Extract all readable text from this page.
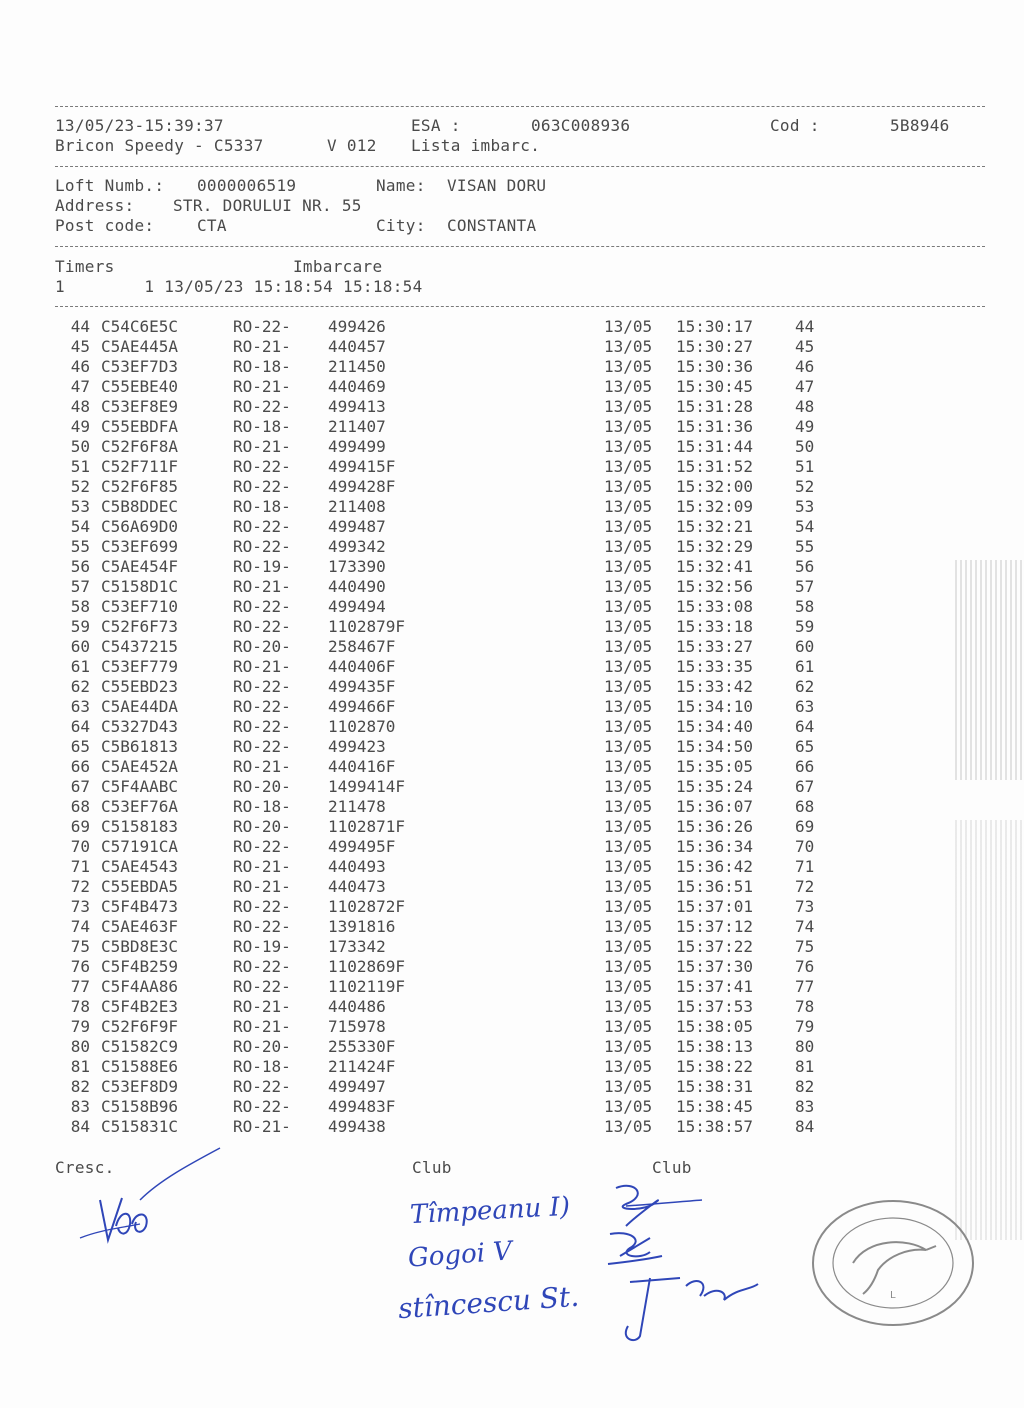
13/05/23-15:39:37	ESA :	063C008936	Cod :	5B8946
Bricon Speedy - C5337	V 012 Lista imbarc.
Loft Numb.: 0000006519	Name: VISAN DORU
Address: STR. DORULUI NR. 55
Post code:	CTA	City: CONSTANTA
Timers	Imbarcare
1        1 13/05/23 15:18:54 15:18:54
44 C54C6E5C	RO-22- 499426	13/05 15:30:17	44
45 C5AE445A	RO-21- 440457	13/05 15:30:27	45
46 C53EF7D3	RO-18- 211450	13/05 15:30:36	46
47 C55EBE40	RO-21- 440469	13/05 15:30:45	47
48 C53EF8E9	RO-22- 499413	13/05 15:31:28	48
49 C55EBDFA	RO-18- 211407	13/05 15:31:36	49
50 C52F6F8A	RO-21- 499499	13/05 15:31:44	50
51 C52F711F	RO-22- 499415F	13/05 15:31:52	51
52 C52F6F85	RO-22- 499428F	13/05 15:32:00	52
53 C5B8DDEC	RO-18- 211408	13/05 15:32:09	53
54 C56A69D0	RO-22- 499487	13/05 15:32:21	54
55 C53EF699	RO-22- 499342	13/05 15:32:29	55
56 C5AE454F	RO-19- 173390	13/05 15:32:41	56
57 C5158D1C	RO-21- 440490	13/05 15:32:56	57
58 C53EF710	RO-22- 499494	13/05 15:33:08	58
59 C52F6F73	RO-22- 1102879F	13/05 15:33:18	59
60 C5437215	RO-20- 258467F	13/05 15:33:27	60
61 C53EF779	RO-21- 440406F	13/05 15:33:35	61
62 C55EBD23	RO-22- 499435F	13/05 15:33:42	62
63 C5AE44DA	RO-22- 499466F	13/05 15:34:10	63
64 C5327D43	RO-22- 1102870	13/05 15:34:40	64
65 C5B61813	RO-22- 499423	13/05 15:34:50	65
66 C5AE452A	RO-21- 440416F	13/05 15:35:05	66
67 C5F4AABC	RO-20- 1499414F	13/05 15:35:24	67
68 C53EF76A	RO-18- 211478	13/05 15:36:07	68
69 C5158183	RO-20- 1102871F	13/05 15:36:26	69
70 C57191CA	RO-22- 499495F	13/05 15:36:34	70
71 C5AE4543	RO-21- 440493	13/05 15:36:42	71
72 C55EBDA5	RO-21- 440473	13/05 15:36:51	72
73 C5F4B473	RO-22- 1102872F	13/05 15:37:01	73
74 C5AE463F	RO-22- 1391816	13/05 15:37:12	74
75 C5BD8E3C	RO-19- 173342	13/05 15:37:22	75
76 C5F4B259	RO-22- 1102869F	13/05 15:37:30	76
77 C5F4AA86	RO-22- 1102119F	13/05 15:37:41	77
78 C5F4B2E3	RO-21- 440486	13/05 15:37:53	78
79 C52F6F9F	RO-21- 715978	13/05 15:38:05	79
80 C51582C9	RO-20- 255330F	13/05 15:38:13	80
81 C51588E6	RO-18- 211424F	13/05 15:38:22	81
82 C53EF8D9	RO-22- 499497	13/05 15:38:31	82
83 C5158B96	RO-22- 499483F	13/05 15:38:45	83
84 C515831C	RO-21- 499438	13/05 15:38:57	84
Cresc.	Club	Club
Tîmpeanu I)
Gogoi V
stîncescu St.	L
